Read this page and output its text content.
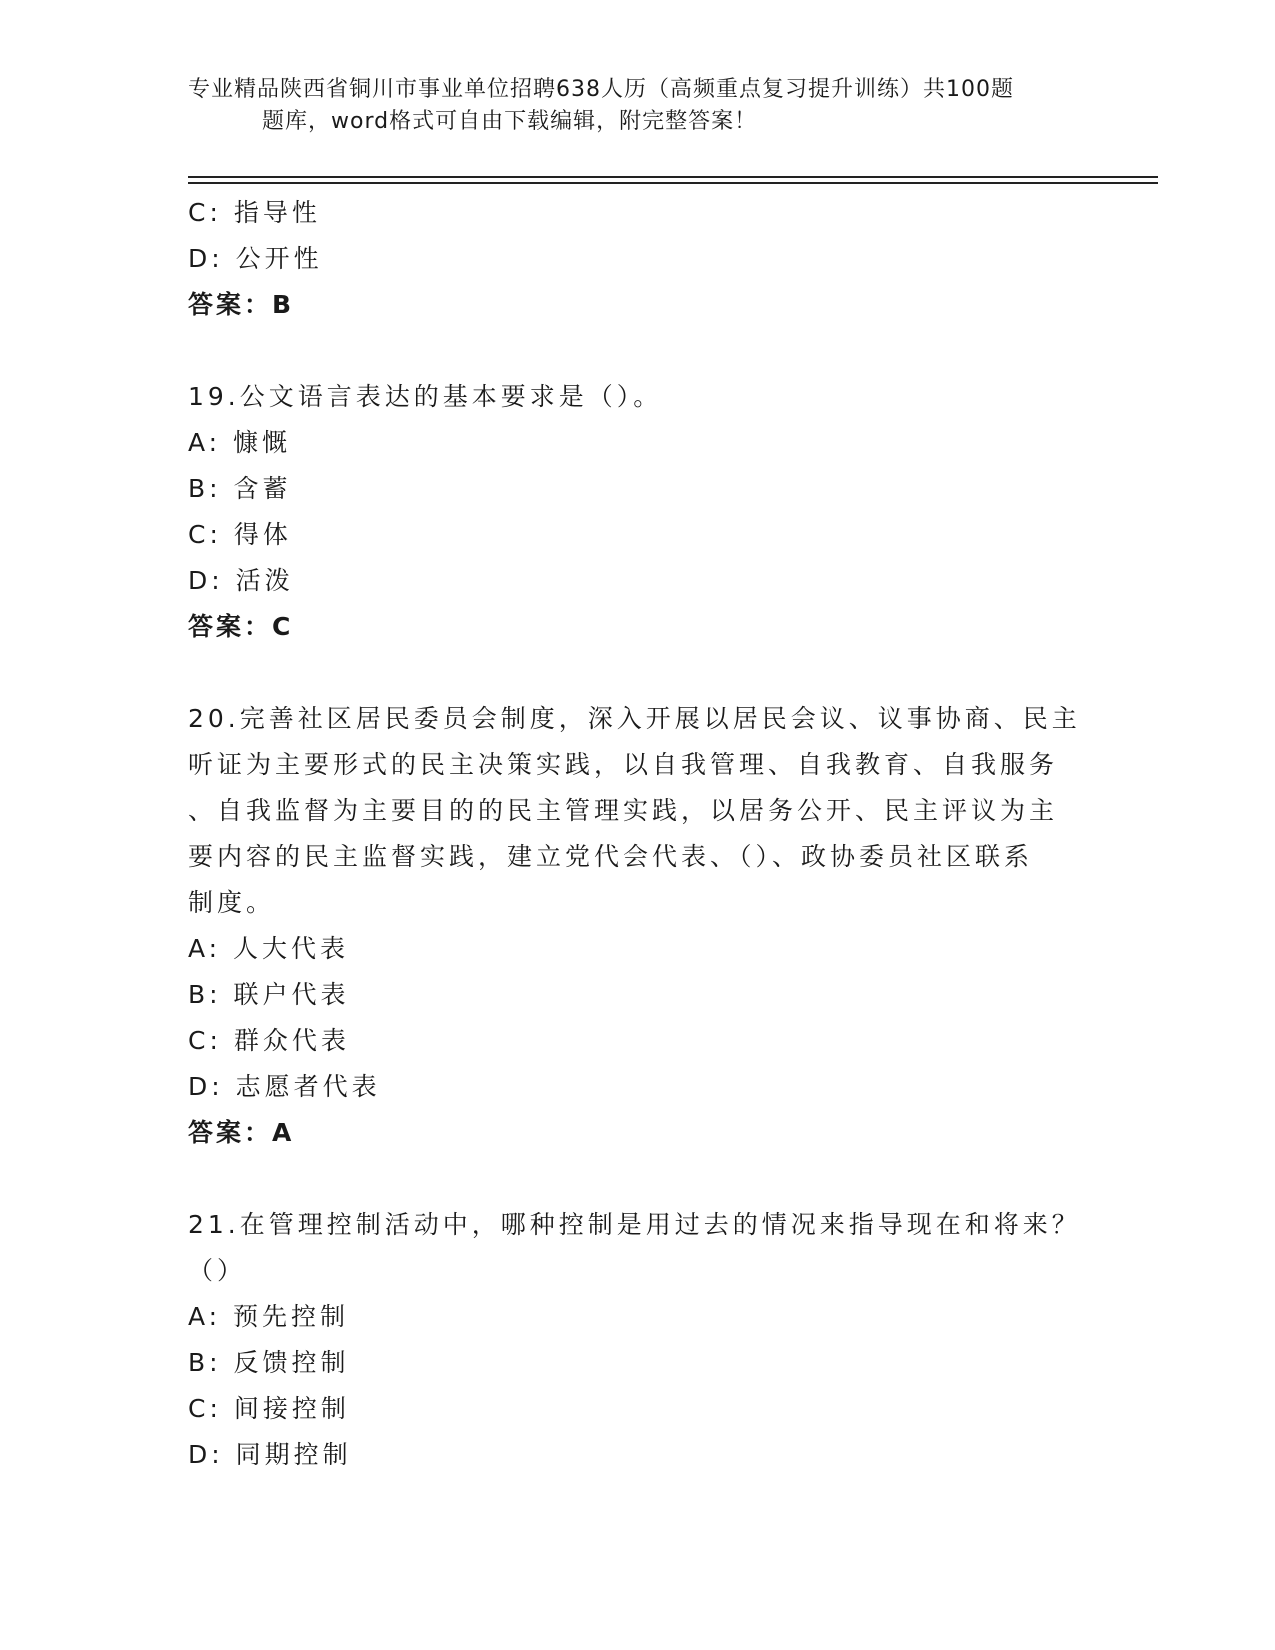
专业精品陕西省铜川市事业单位招聘638人历（高频重点复习提升训练）共100题
题库，word格式可自由下载编辑，附完整答案！
C: 指导性
D: 公开性
答案：B
19.公文语言表达的基本要求是（）。
A: 慷慨
B: 含蓄
C: 得体
D: 活泼
答案：C
20.完善社区居民委员会制度，深入开展以居民会议、议事协商、民主
听证为主要形式的民主决策实践，以自我管理、自我教育、自我服务
、自我监督为主要目的的民主管理实践，以居务公开、民主评议为主
要内容的民主监督实践，建立党代会代表、（）、政协委员社区联系
制度。
A: 人大代表
B: 联户代表
C: 群众代表
D: 志愿者代表
答案：A
21.在管理控制活动中，哪种控制是用过去的情况来指导现在和将来？
（）
A: 预先控制
B: 反馈控制
C: 间接控制
D: 同期控制
